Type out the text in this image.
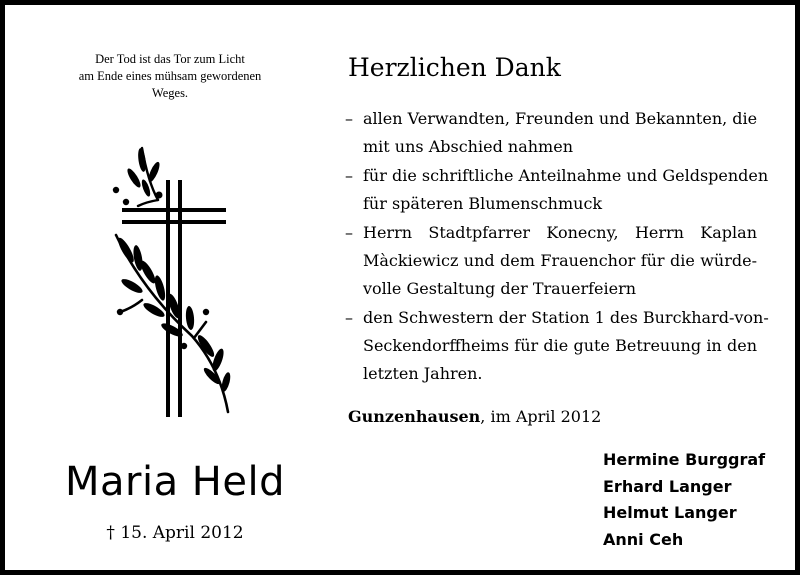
Der Tod ist das Tor zum Licht
am Ende eines mühsam gewordenen
Weges.
Maria Held
† 15. April 2012
Herzlichen Dank
– allen Verwandten, Freunden und Bekannten, die
mit uns Abschied nahmen
– für die schriftliche Anteilnahme und Geldspenden
für späteren Blumenschmuck
– Herrn Stadtpfarrer Konecny, Herrn Kaplan
Màckiewicz und dem Frauenchor für die würde-
volle Gestaltung der Trauerfeiern
– den Schwestern der Station 1 des Burckhard-von-
Seckendorffheims für die gute Betreuung in den
letzten Jahren.
Gunzenhausen, im April 2012
Hermine Burggraf
Erhard Langer
Helmut Langer
Anni Ceh
